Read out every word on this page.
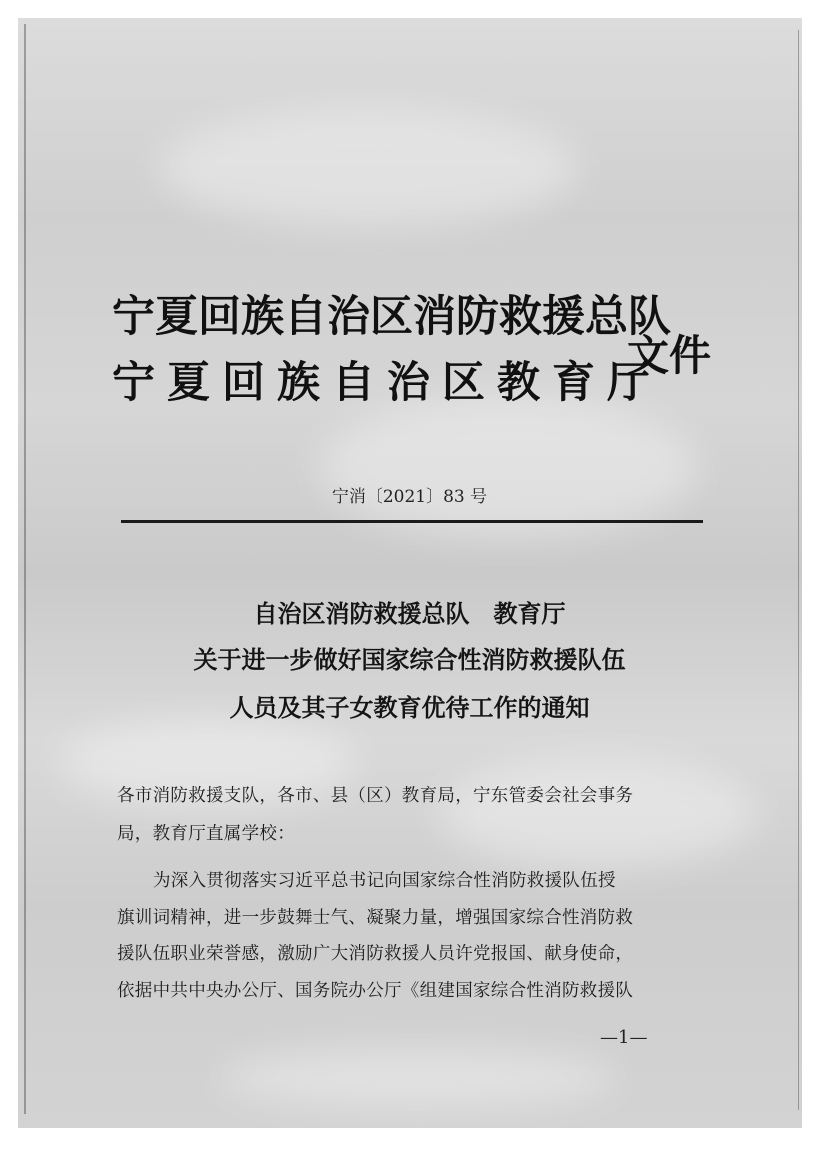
宁夏回族自治区消防救援总队
宁夏回族自治区教育厅
文件
宁消〔2021〕83 号
自治区消防救援总队　教育厅
关于进一步做好国家综合性消防救援队伍
人员及其子女教育优待工作的通知
各市消防救援支队，各市、县（区）教育局，宁东管委会社会事务
局，教育厅直属学校：
为深入贯彻落实习近平总书记向国家综合性消防救援队伍授
旗训词精神，进一步鼓舞士气、凝聚力量，增强国家综合性消防救
援队伍职业荣誉感，激励广大消防救援人员许党报国、献身使命，
依据中共中央办公厅、国务院办公厅《组建国家综合性消防救援队
—1—
